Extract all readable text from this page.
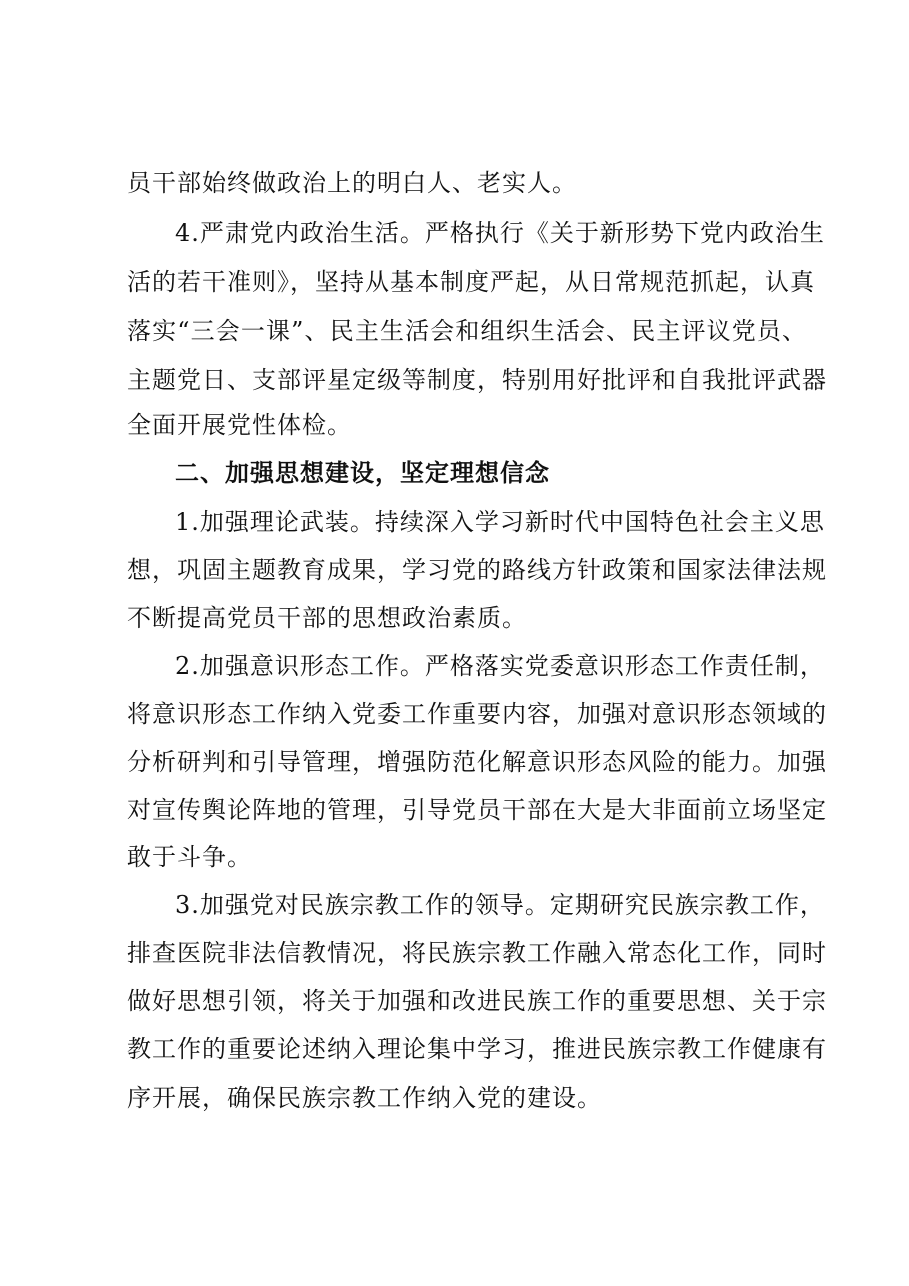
员干部始终做政治上的明白人、老实人。
4.严肃党内政治生活。严格执行《关于新形势下党内政治生
活的若干准则》，坚持从基本制度严起，从日常规范抓起，认真
落实“三会一课”、民主生活会和组织生活会、民主评议党员、
主题党日、支部评星定级等制度，特别用好批评和自我批评武器
全面开展党性体检。
二、加强思想建设，坚定理想信念
1.加强理论武装。持续深入学习新时代中国特色社会主义思
想，巩固主题教育成果，学习党的路线方针政策和国家法律法规
不断提高党员干部的思想政治素质。
2.加强意识形态工作。严格落实党委意识形态工作责任制，
将意识形态工作纳入党委工作重要内容，加强对意识形态领域的
分析研判和引导管理，增强防范化解意识形态风险的能力。加强
对宣传舆论阵地的管理，引导党员干部在大是大非面前立场坚定
敢于斗争。
3.加强党对民族宗教工作的领导。定期研究民族宗教工作，
排查医院非法信教情况，将民族宗教工作融入常态化工作，同时
做好思想引领，将关于加强和改进民族工作的重要思想、关于宗
教工作的重要论述纳入理论集中学习，推进民族宗教工作健康有
序开展，确保民族宗教工作纳入党的建设。
